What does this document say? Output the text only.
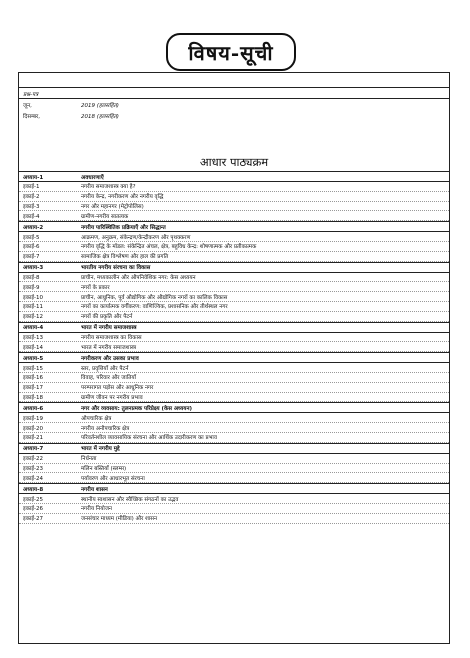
विषय-सूची
प्रश्न-पत्र
जून,	2019 (हलसहित)
दिसम्बर,	2018 (हलसहित)
आधार पाठ्यक्रम
अध्याय-1	अवधारणाएँ
इकाई-1	नगरीय समाजशास्त्र क्या है?
इकाई-2	नगरीय केन्द्र, नगरीकरण और नगरीय वृद्धि
इकाई-3	नगर और महानगर (मेट्रोपोलिस)
इकाई-4	ग्रामीण-नगरीय सातत्यक
अध्याय-2	नगरीय पारिस्थितिक प्रक्रियाएँ और सिद्धान्त
इकाई-5	आक्रमण, अनुक्रम, संकेन्द्रण/केन्द्रीकरण और पृथक्करण
इकाई-6	नगरीय वृद्धि के मॉडल: संकेन्द्रित अंचल, क्षेत्र, बहुविध केन्द्र: शोषणात्मक और प्रतीकात्मक
इकाई-7	सामाजिक क्षेत्र विश्लेषण और हाल की प्रगति
अध्याय-3	भारतीय नगरीय संरचना का विकास
इकाई-8	प्राचीन, मध्यकालीन और औपनिवेशिक नगर: केस अध्ययन
इकाई-9	नगरों के प्रकार
इकाई-10	प्राचीन, आधुनिक, पूर्व औद्योगिक और औद्योगिक नगरों का कालिक विकास
इकाई-11	नगरों का कार्यात्मक वर्गीकरण: वाणिज्यिक, प्रशासनिक और तीर्थस्थल नगर
इकाई-12	नगरों की प्रकृति और पैटर्न
अध्याय-4	भारत में नगरीय समाजशास्त्र
इकाई-13	नगरीय समाजशास्त्र का विकास
इकाई-14	भारत में नगरीय समाजशास्त्र
अध्याय-5	नगरीकरण और उसका प्रभाव
इकाई-15	स्तर, प्रवृत्तियाँ और पैटर्न
इकाई-16	विवाह, परिवार और जातियाँ
इकाई-17	परम्परागत पड़ोस और आधुनिक नगर
इकाई-18	ग्रामीण जीवन पर नगरीय प्रभाव
अध्याय-6	नगर और व्यवसाय: तुलनात्मक परिप्रेक्ष्य (केस अध्ययन)
इकाई-19	औपचारिक क्षेत्र
इकाई-20	नगरीय अनौपचारिक क्षेत्र
इकाई-21	परिवर्तनशील व्यावसायिक संरचना और आर्थिक उदारीकरण का प्रभाव
अध्याय-7	भारत में नगरीय मुद्दे
इकाई-22	निर्धनता
इकाई-23	मलिन बस्तियाँ (स्लम्स)
इकाई-24	पर्यावरण और आधारभूत संरचना
अध्याय-8	नगरीय शासन
इकाई-25	स्थानीय स्वशासन और स्वैच्छिक संगठनों का उद्भव
इकाई-26	नगरीय नियोजन
इकाई-27	जनसंचार माध्यम (मीडिया) और शासन
